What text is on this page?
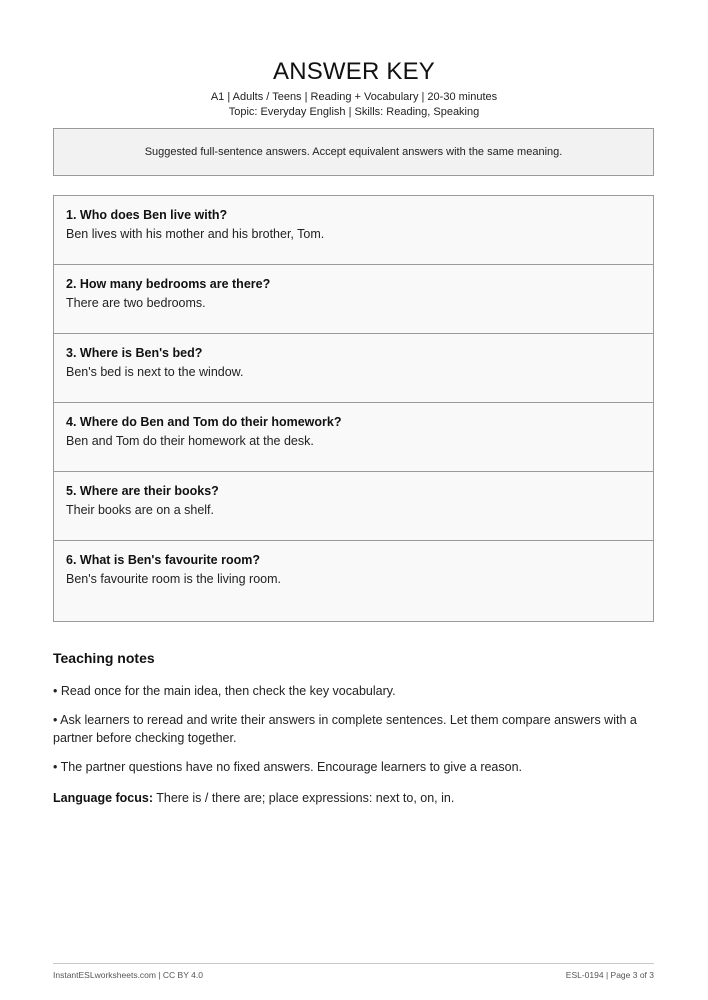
ANSWER KEY
A1 | Adults / Teens | Reading + Vocabulary | 20-30 minutes
Topic: Everyday English | Skills: Reading, Speaking
Suggested full-sentence answers. Accept equivalent answers with the same meaning.
1. Who does Ben live with?
Ben lives with his mother and his brother, Tom.
2. How many bedrooms are there?
There are two bedrooms.
3. Where is Ben's bed?
Ben's bed is next to the window.
4. Where do Ben and Tom do their homework?
Ben and Tom do their homework at the desk.
5. Where are their books?
Their books are on a shelf.
6. What is Ben's favourite room?
Ben's favourite room is the living room.
Teaching notes

• Read once for the main idea, then check the key vocabulary.

• Ask learners to reread and write their answers in complete sentences. Let them compare answers with a partner before checking together.

• The partner questions have no fixed answers. Encourage learners to give a reason.

Language focus: There is / there are; place expressions: next to, on, in.

InstantESLworksheets.com | CC BY 4.0	ESL-0194 | Page 3 of 3
